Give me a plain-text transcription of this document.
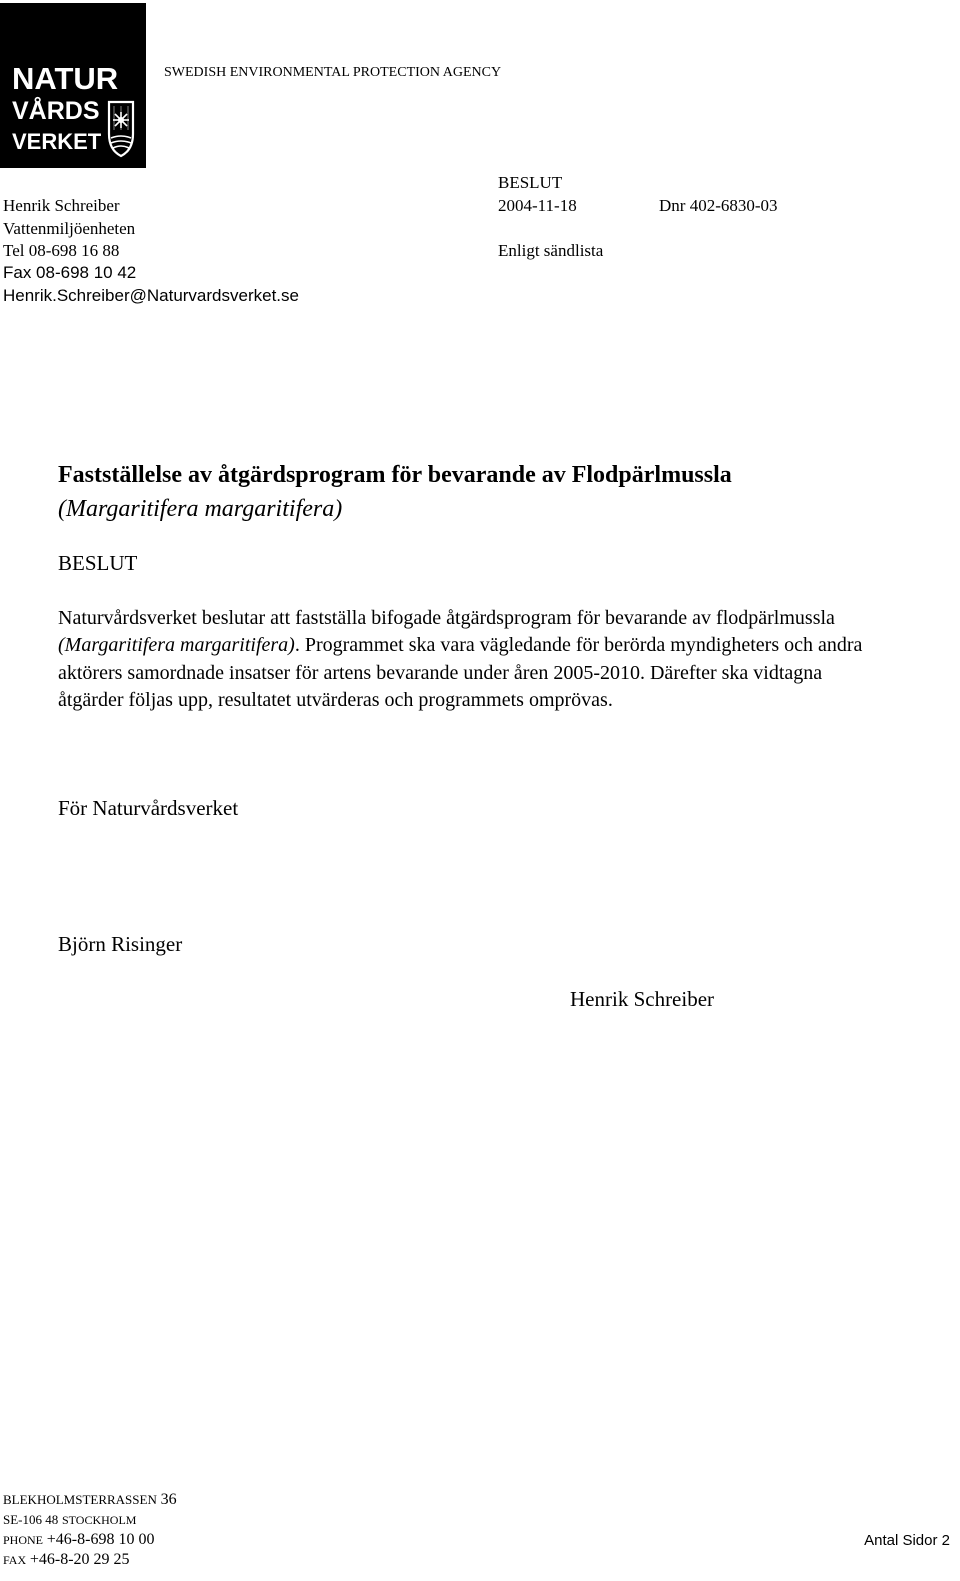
NATUR
VÅRDS
VERKET
SWEDISH ENVIRONMENTAL PROTECTION AGENCY
BESLUT
2004-11-18	Dnr 402-6830-03
Enligt sändlista
Henrik Schreiber
Vattenmiljöenheten
Tel 08-698 16 88
Fax 08-698 10 42
Henrik.Schreiber@Naturvardsverket.se
Fastställelse av åtgärdsprogram för bevarande av Flodpärlmussla
(Margaritifera margaritifera)
BESLUT
Naturvårdsverket beslutar att fastställa bifogade åtgärdsprogram för bevarande av flodpärlmussla (Margaritifera margaritifera). Programmet ska vara vägledande för berörda myndigheters och andra aktörers samordnade insatser för artens bevarande under åren 2005-2010. Därefter ska vidtagna åtgärder följas upp, resultatet utvärderas och programmets omprövas.
För Naturvårdsverket
Björn Risinger
Henrik Schreiber
BLEKHOLMSTERRASSEN 36
SE-106 48 STOCKHOLM
PHONE +46-8-698 10 00
FAX +46-8-20 29 25
Antal Sidor 2
